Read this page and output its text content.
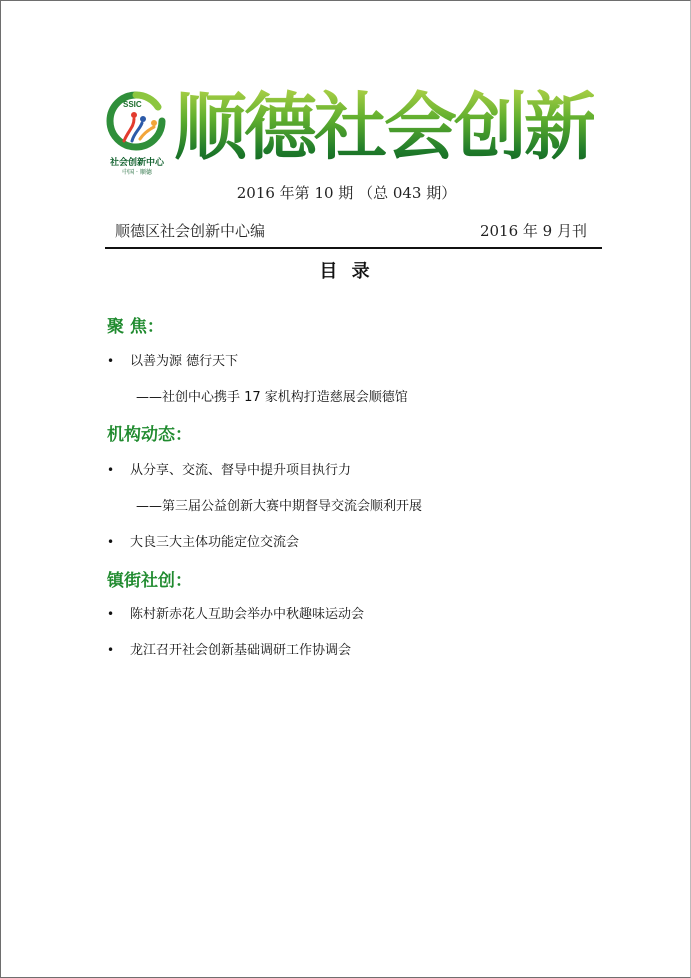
SSIC
社会创新中心
中国 · 顺德
顺德社会创新
2016 年第 10 期 （总 043 期）
顺德区社会创新中心编	2016 年 9 月刊
目 录
聚 焦：
• 以善为源 德行天下
——社创中心携手 17 家机构打造慈展会顺德馆
机构动态：
• 从分享、交流、督导中提升项目执行力
——第三届公益创新大赛中期督导交流会顺利开展
• 大良三大主体功能定位交流会
镇街社创：
• 陈村新赤花人互助会举办中秋趣味运动会
• 龙江召开社会创新基础调研工作协调会
